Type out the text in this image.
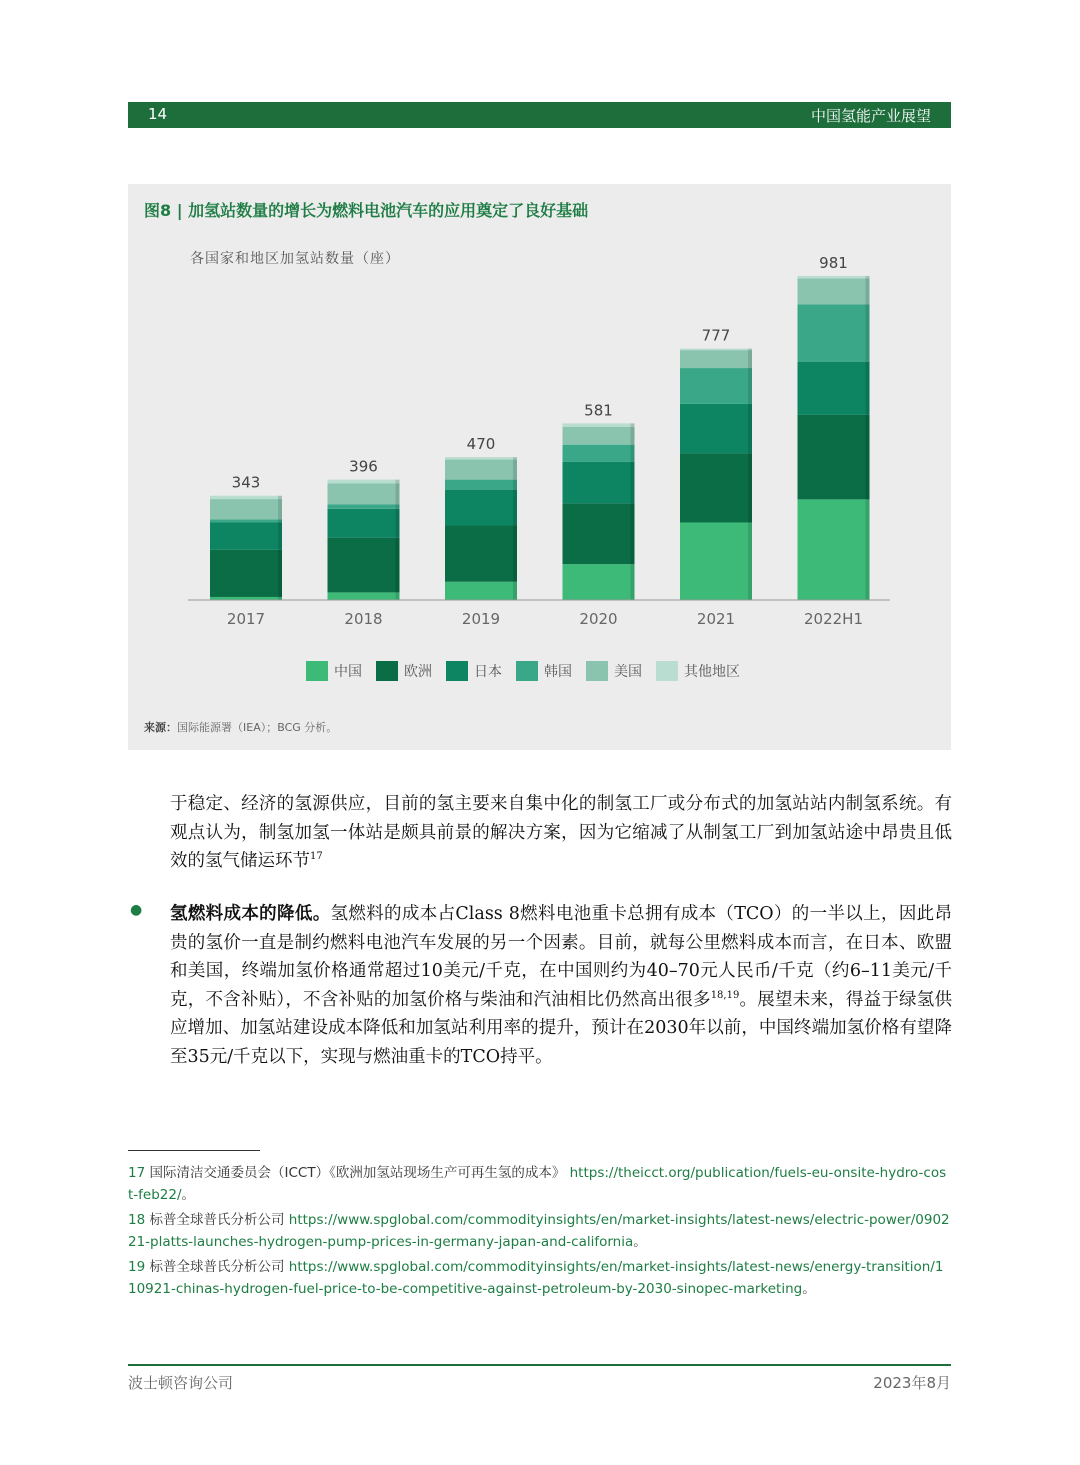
14	中国氢能产业展望
图8 | 加氢站数量的增长为燃料电池汽车的应用奠定了良好基础
各国家和地区加氢站数量（座）
343
2017
396
2018
470
2019
581
2020
777
2021
981
2022H1
中国	欧洲	日本	韩国	美国	其他地区
来源：国际能源署（IEA）；BCG 分析。
于稳定、经济的氢源供应，目前的氢主要来自集中化的制氢工厂或分布式的加氢站站内制氢系统。有观点认为，制氢加氢一体站是颇具前景的解决方案，因为它缩减了从制氢工厂到加氢站途中昂贵且低效的氢气储运环节$^{17}$
● 氢燃料成本的降低。氢燃料的成本占Class 8燃料电池重卡总拥有成本（TCO）的一半以上，因此昂贵的氢价一直是制约燃料电池汽车发展的另一个因素。目前，就每公里燃料成本而言，在日本、欧盟和美国，终端加氢价格通常超过10美元/千克，在中国则约为40–70元人民币/千克（约6–11美元/千克，不含补贴），不含补贴的加氢价格与柴油和汽油相比仍然高出很多$^{18,19}$。展望未来，得益于绿氢供应增加、加氢站建设成本降低和加氢站利用率的提升，预计在2030年以前，中国终端加氢价格有望降至35元/千克以下，实现与燃油重卡的TCO持平。
17 国际清洁交通委员会（ICCT）《欧洲加氢站现场生产可再生氢的成本》 https://theicct.org/publication/fuels-eu-onsite-hydro-cost-feb22/。
18 标普全球普氏分析公司 https://www.spglobal.com/commodityinsights/en/market-insights/latest-news/electric-power/090221-platts-launches-hydrogen-pump-prices-in-germany-japan-and-california。
19 标普全球普氏分析公司 https://www.spglobal.com/commodityinsights/en/market-insights/latest-news/energy-transition/110921-chinas-hydrogen-fuel-price-to-be-competitive-against-petroleum-by-2030-sinopec-marketing。
波士顿咨询公司	2023年8月
